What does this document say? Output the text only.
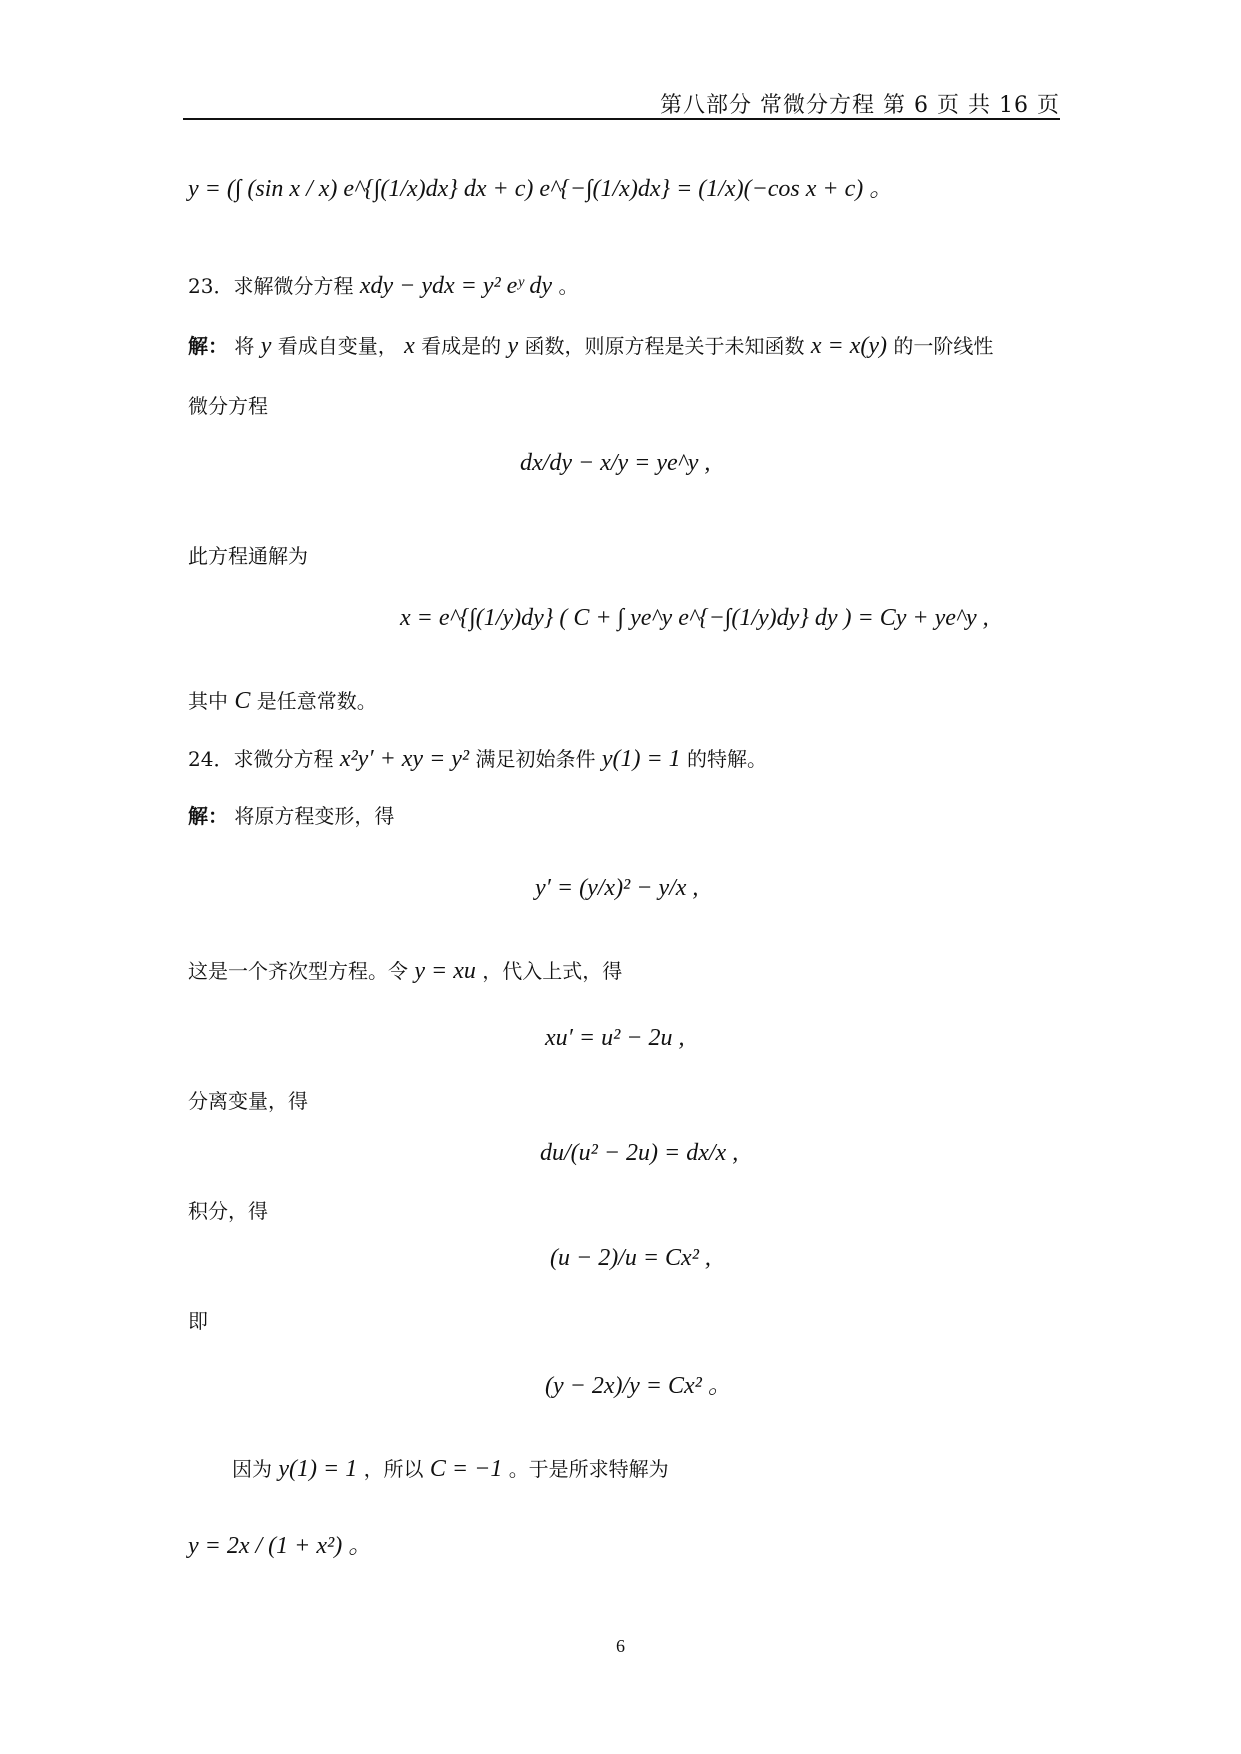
第八部分 常微分方程 第 6 页 共 16 页
y = (∫ (sin x / x) e^{∫(1/x)dx} dx + c) e^{−∫(1/x)dx} = (1/x)(−cos x + c) 。
23．求解微分方程 xdy − ydx = y² eʸ dy 。
解： 将 y 看成自变量， x 看成是的 y 函数，则原方程是关于未知函数 x = x(y) 的一阶线性
微分方程
dx/dy − x/y = ye^y ,
此方程通解为
x = e^{∫(1/y)dy} ( C + ∫ ye^y e^{−∫(1/y)dy} dy ) = Cy + ye^y ,
其中 C 是任意常数。
24．求微分方程 x²y′ + xy = y² 满足初始条件 y(1) = 1 的特解。
解： 将原方程变形，得
y′ = (y/x)² − y/x ,
这是一个齐次型方程。令 y = xu ，代入上式，得
xu′ = u² − 2u ,
分离变量，得
du/(u² − 2u) = dx/x ,
积分，得
(u − 2)/u = Cx² ,
即
(y − 2x)/y = Cx² 。
因为 y(1) = 1 ，所以 C = −1 。于是所求特解为
y = 2x / (1 + x²) 。
6
